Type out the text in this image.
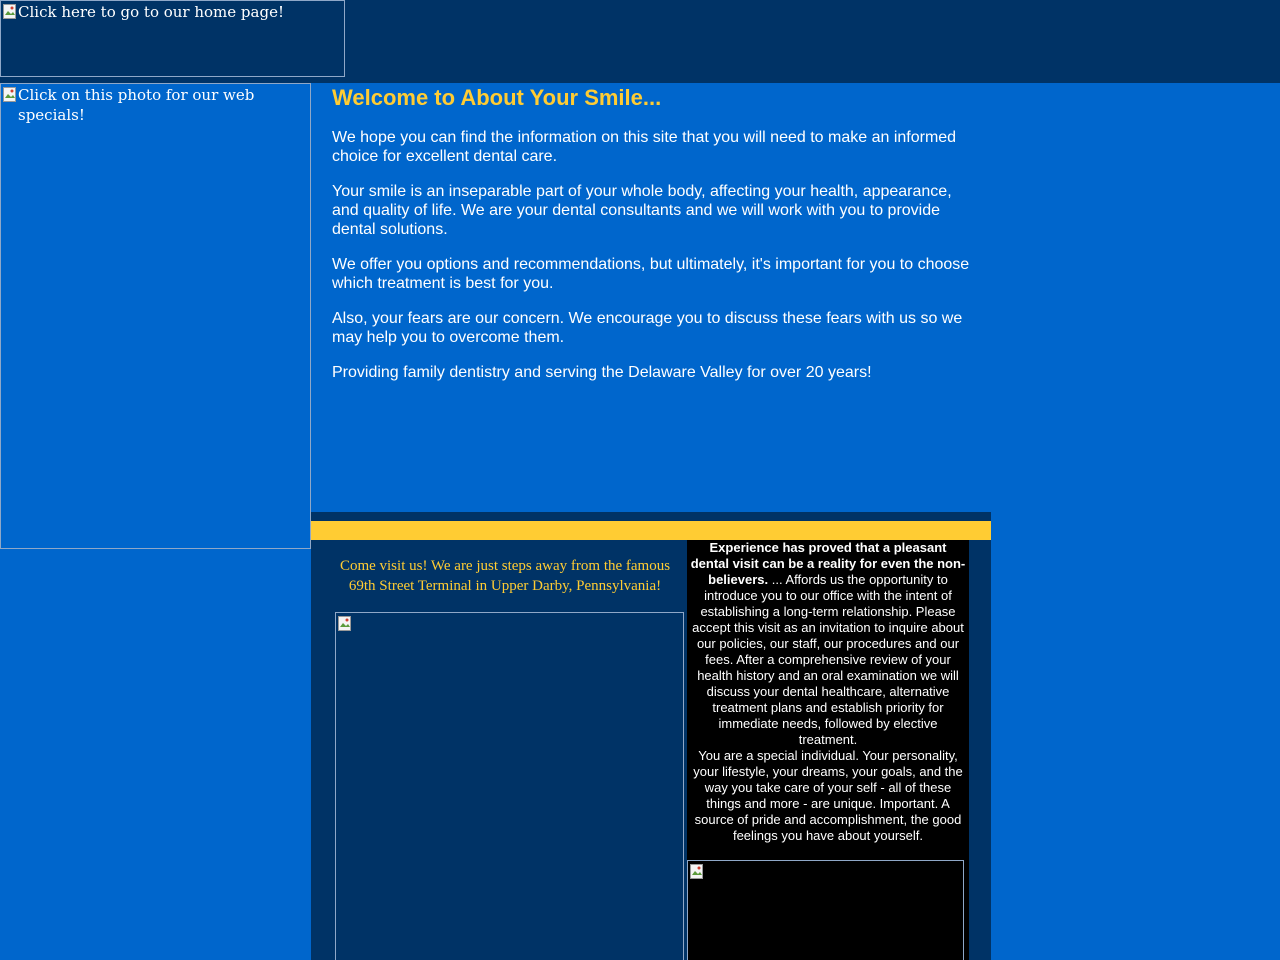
Click here to go to our home page!
Click on this photo for our web specials!
Welcome to About Your Smile...

We hope you can find the information on this site that you will need to make an informed choice for excellent dental care.

Your smile is an inseparable part of your whole body, affecting your health, appearance, and quality of life. We are your dental consultants and we will work with you to provide dental solutions.

We offer you options and recommendations, but ultimately, it's important for you to choose which treatment is best for you.

Also, your fears are our concern. We encourage you to discuss these fears with us so we may help you to overcome them.

Providing family dentistry and serving the Delaware Valley for over 20 years!

Come visit us! We are just steps away from the famous
69th Street Terminal in Upper Darby, Pennsylvania!

Experience has proved that a pleasant dental visit can be a reality for even the non-believers. ... Affords us the opportunity to introduce you to our office with the intent of establishing a long-term relationship. Please accept this visit as an invitation to inquire about our policies, our staff, our procedures and our fees. After a comprehensive review of your health history and an oral examination we will discuss your dental healthcare, alternative treatment plans and establish priority for immediate needs, followed by elective treatment.

You are a special individual. Your personality, your lifestyle, your dreams, your goals, and the way you take care of your self - all of these things and more - are unique. Important. A source of pride and accomplishment, the good feelings you have about yourself.
